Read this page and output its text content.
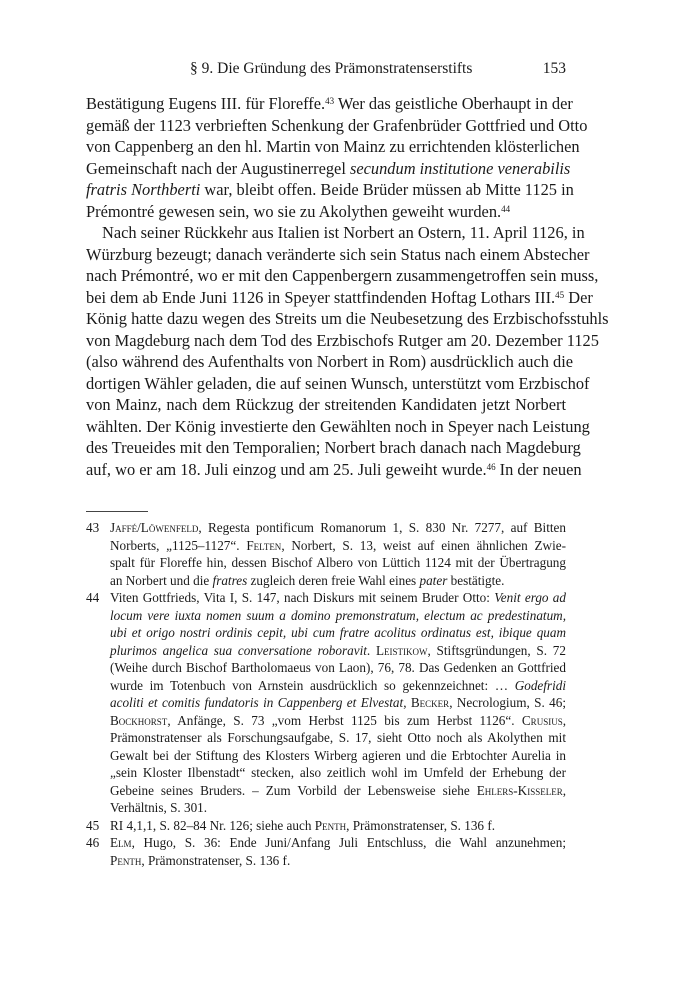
§ 9. Die Gründung des Prämonstratenserstifts	153
Bestätigung Eugens III. für Floreffe.$^{43}$ Wer das geistliche Oberhaupt in der
gemäß der 1123 verbrieften Schenkung der Grafenbrüder Gottfried und Otto
von Cappenberg an den hl. Martin von Mainz zu errichtenden klösterlichen
Gemeinschaft nach der Augustinerregel secundum institutione venerabilis
fratris Northberti war, bleibt offen. Beide Brüder müssen ab Mitte 1125 in
Prémontré gewesen sein, wo sie zu Akolythen geweiht wurden.$^{44}$
Nach seiner Rückkehr aus Italien ist Norbert an Ostern, 11. April 1126, in
Würzburg bezeugt; danach veränderte sich sein Status nach einem Abstecher
nach Prémontré, wo er mit den Cappenbergern zusammengetroffen sein muss,
bei dem ab Ende Juni 1126 in Speyer stattfindenden Hoftag Lothars III.$^{45}$ Der
König hatte dazu wegen des Streits um die Neubesetzung des Erzbischofsstuhls
von Magdeburg nach dem Tod des Erzbischofs Rutger am 20. Dezember 1125
(also während des Aufenthalts von Norbert in Rom) ausdrücklich auch die
dortigen Wähler geladen, die auf seinen Wunsch, unterstützt vom Erzbischof
von Mainz, nach dem Rückzug der streitenden Kandidaten jetzt Norbert
wählten. Der König investierte den Gewählten noch in Speyer nach Leistung
des Treueides mit den Temporalien; Norbert brach danach nach Magdeburg
auf, wo er am 18. Juli einzog und am 25. Juli geweiht wurde.$^{46}$ In der neuen
43 Jaffé/Löwenfeld, Regesta pontificum Romanorum 1, S. 830 Nr. 7277, auf Bitten
Norberts, „1125–1127“. Felten, Norbert, S. 13, weist auf einen ähnlichen Zwie-
spalt für Floreffe hin, dessen Bischof Albero von Lüttich 1124 mit der Übertragung
an Norbert und die fratres zugleich deren freie Wahl eines pater bestätigte.
44 Viten Gottfrieds, Vita I, S. 147, nach Diskurs mit seinem Bruder Otto: Venit ergo ad
locum vere iuxta nomen suum a domino premonstratum, electum ac predestinatum,
ubi et origo nostri ordinis cepit, ubi cum fratre acolitus ordinatus est, ibique quam
plurimos angelica sua conversatione roboravit. Leistikow, Stiftsgründungen, S. 72
(Weihe durch Bischof Bartholomaeus von Laon), 76, 78. Das Gedenken an Gottfried
wurde im Totenbuch von Arnstein ausdrücklich so gekennzeichnet: … Godefridi
acoliti et comitis fundatoris in Cappenberg et Elvestat, Becker, Necrologium, S. 46;
Bockhorst, Anfänge, S. 73 „vom Herbst 1125 bis zum Herbst 1126“. Crusius,
Prämonstratenser als Forschungsaufgabe, S. 17, sieht Otto noch als Akolythen mit
Gewalt bei der Stiftung des Klosters Wirberg agieren und die Erbtochter Aurelia in
„sein Kloster Ilbenstadt“ stecken, also zeitlich wohl im Umfeld der Erhebung der
Gebeine seines Bruders. – Zum Vorbild der Lebensweise siehe Ehlers-Kisseler,
Verhältnis, S. 301.
45 RI 4,1,1, S. 82–84 Nr. 126; siehe auch Penth, Prämonstratenser, S. 136 f.
46 Elm, Hugo, S. 36: Ende Juni/Anfang Juli Entschluss, die Wahl anzunehmen;
Penth, Prämonstratenser, S. 136 f.
